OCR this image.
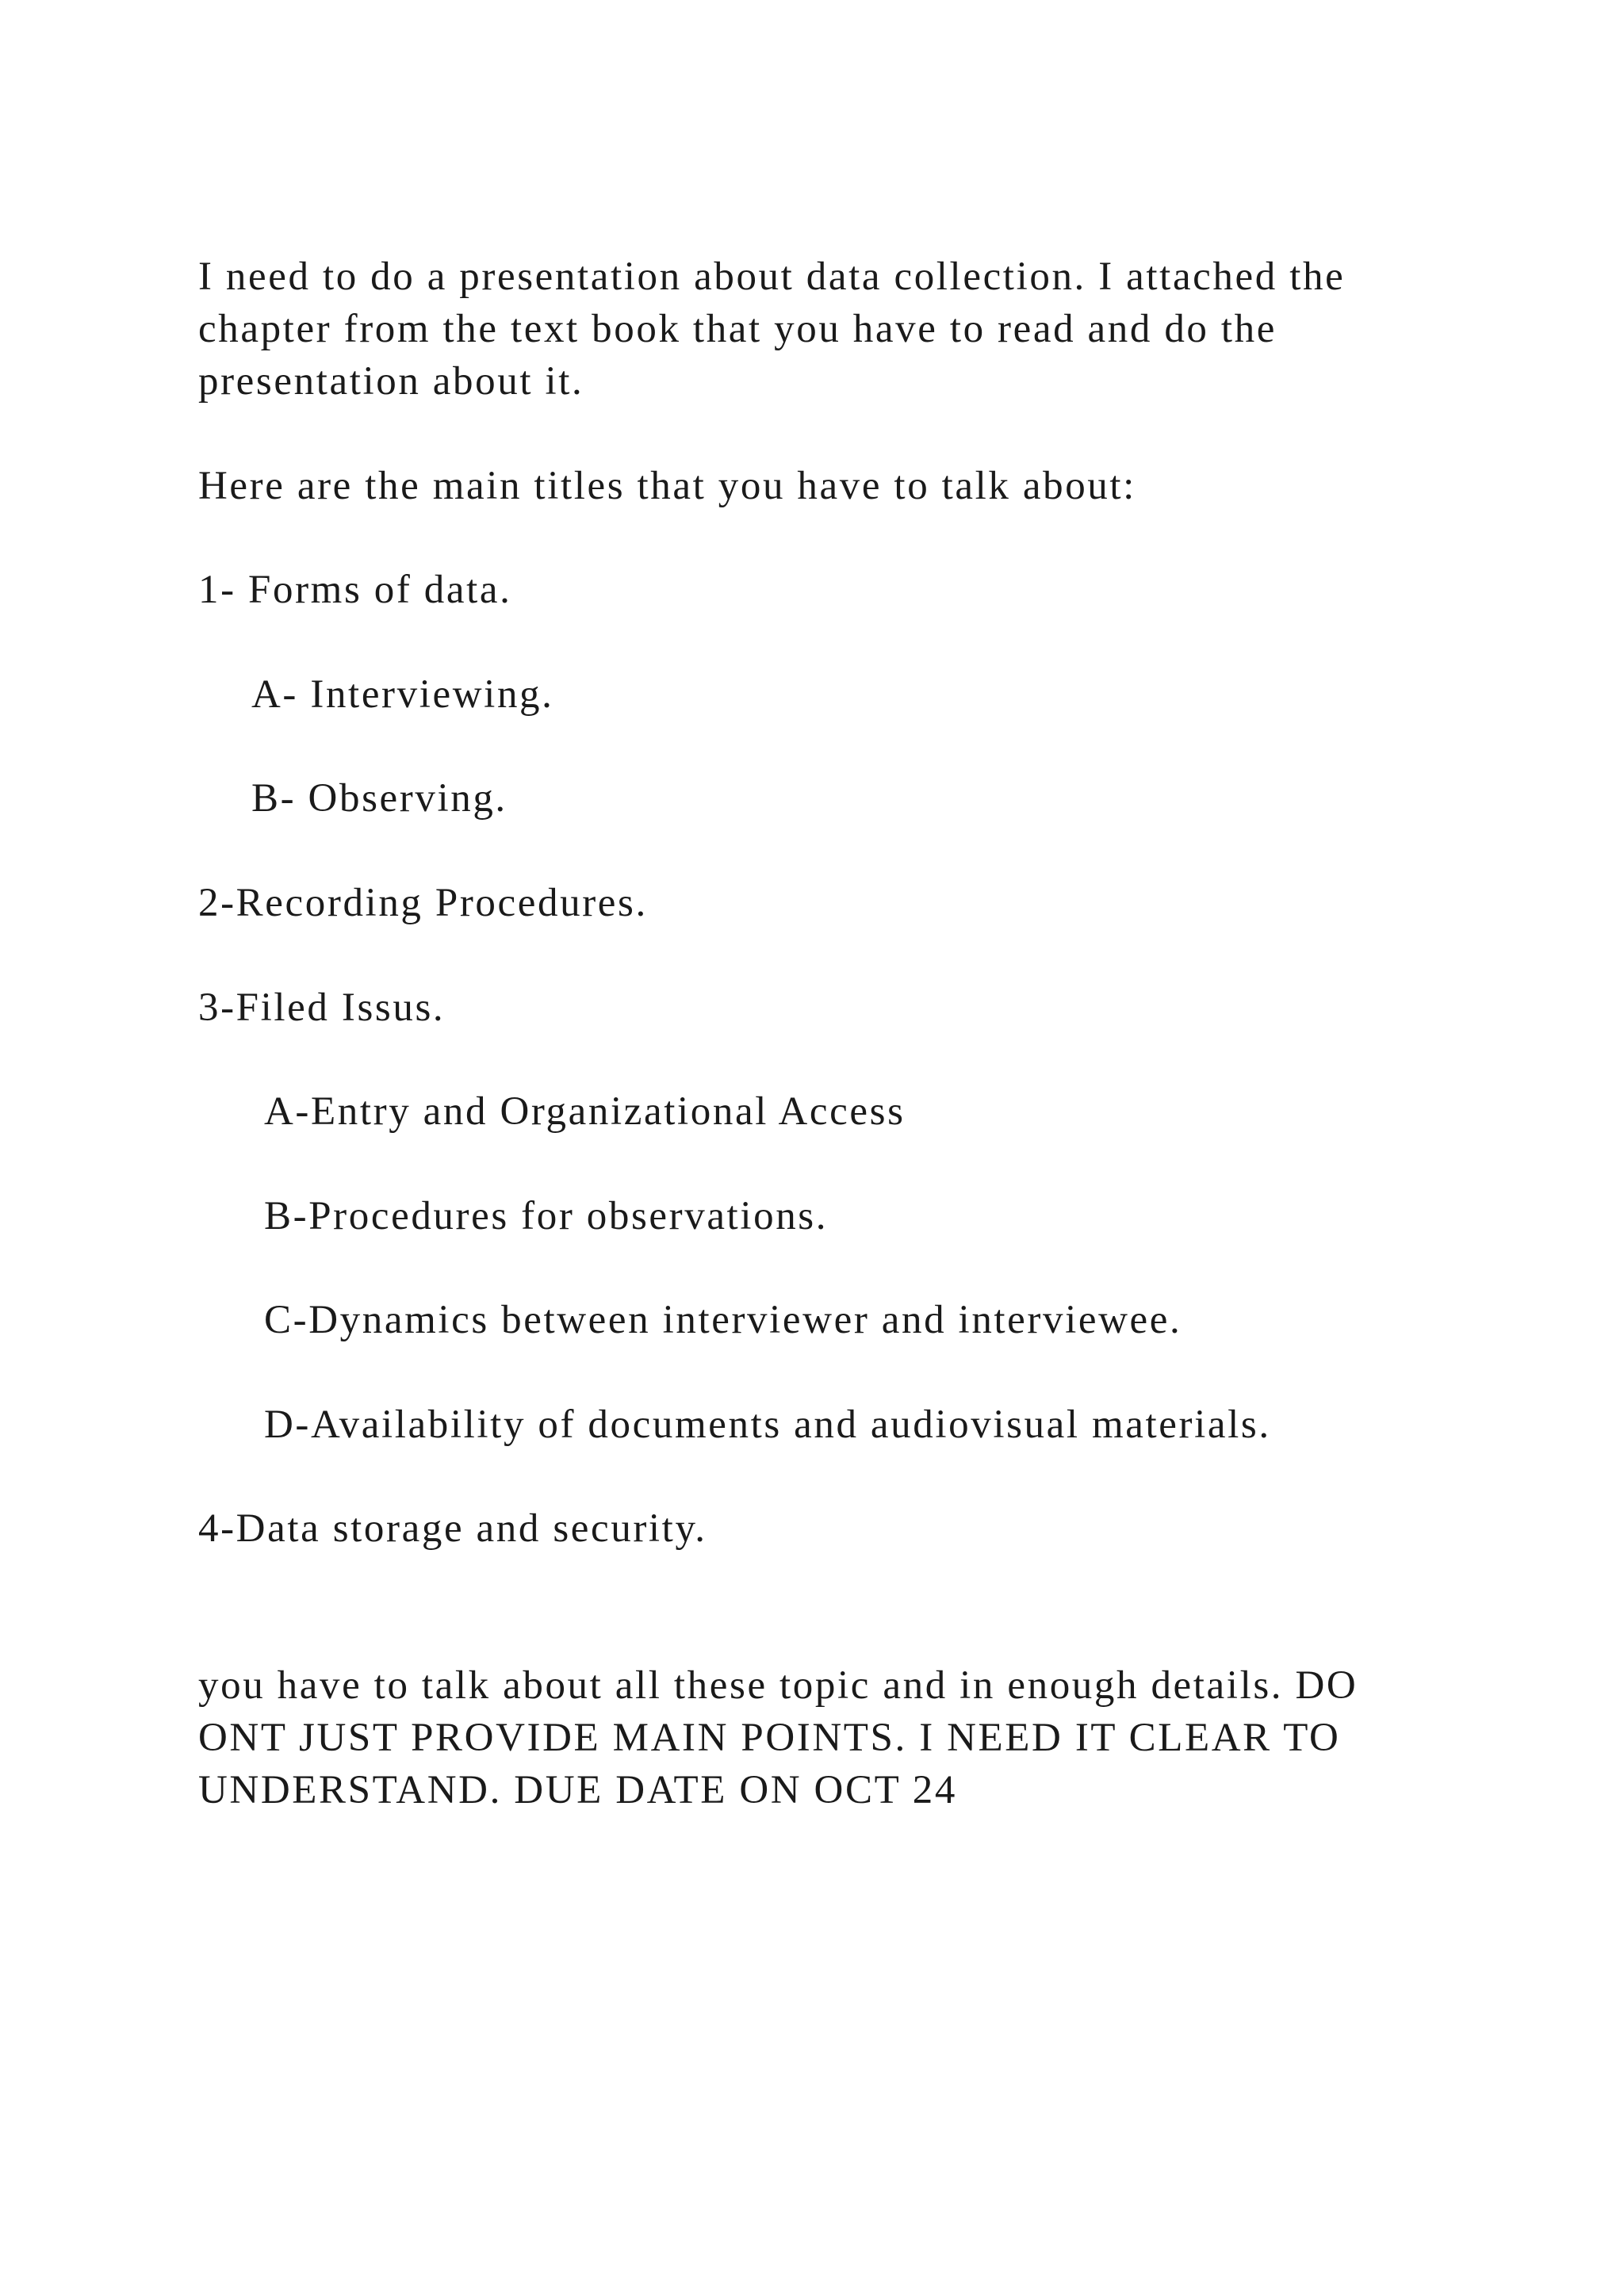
I need to do a presentation about data collection. I attached the

chapter from the text book that you have to read and do the

presentation about it.

Here are the main titles that you have to talk about:

1- Forms of data.

A- Interviewing.

B- Observing.

2-Recording Procedures.

3-Filed Issus.

A-Entry and Organizational Access

B-Procedures for observations.

C-Dynamics between interviewer and interviewee.

D-Availability of documents and audiovisual materials.

4-Data storage and security.

you have to talk about all these topic and in enough details. DO

ONT JUST PROVIDE MAIN POINTS. I NEED IT CLEAR TO

UNDERSTAND. DUE DATE ON OCT 24
